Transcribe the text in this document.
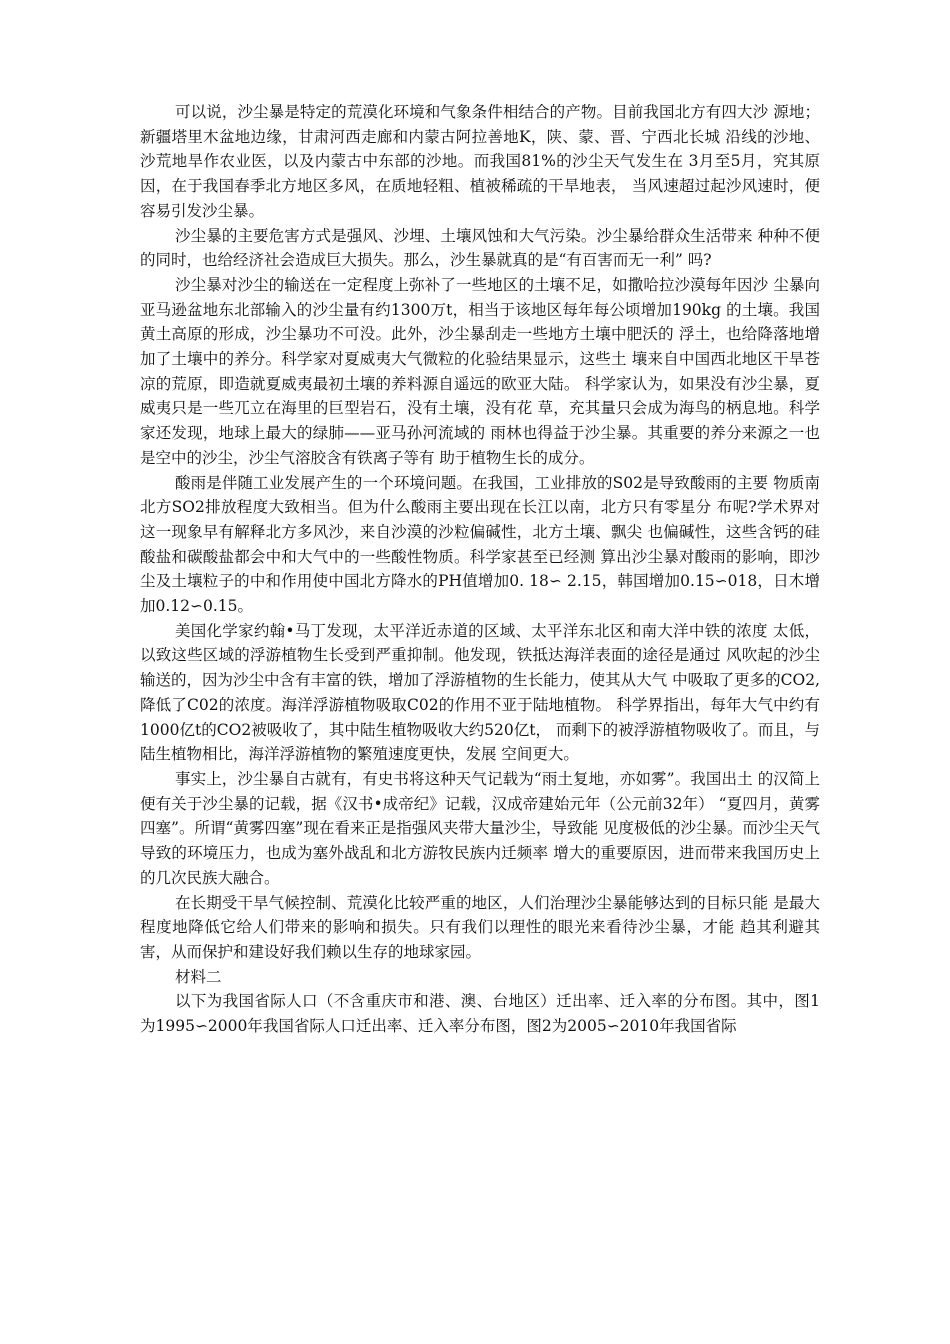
可以说，沙尘暴是特定的荒漠化环境和气象条件相结合的产物。目前我国北方有四大沙 源地；新疆塔里木盆地边缘，甘肃河西走廊和内蒙古阿拉善地K，陕、蒙、晋、宁西北长城 沿线的沙地、沙荒地旱作农业医，以及内蒙古中东部的沙地。而我国81%的沙尘天气发生在 3月至5月，究其原因，在于我国春季北方地区多风，在质地轻粗、植被稀疏的干旱地表， 当风速超过起沙风速时，便容易引发沙尘暴。

沙尘暴的主要危害方式是强风、沙埋、土壤风蚀和大气污染。沙尘暴给群众生活带来 种种不便的同时，也给经济社会造成巨大损失。那么，沙生暴就真的是“有百害而无一利” 吗?

沙尘暴对沙尘的输送在一定程度上弥补了一些地区的土壤不足，如撒哈拉沙漠每年因沙 尘暴向亚马逊盆地东北部输入的沙尘量有约1300万t，相当于该地区每年每公顷增加190kg 的土壤。我国黄土高原的形成，沙尘暴功不可没。此外，沙尘暴刮走一些地方土壤中肥沃的 浮土，也给降落地增加了土壤中的养分。科学家对夏威夷大气微粒的化验结果显示，这些土 壤来自中国西北地区干旱苍凉的荒原，即造就夏威夷最初土壤的养料源自遥远的欧亚大陆。 科学家认为，如果没有沙尘暴，夏威夷只是一些兀立在海里的巨型岩石，没有土壤，没有花 草，充其量只会成为海鸟的柄息地。科学家还发现，地球上最大的绿肺——亚马孙河流域的 雨林也得益于沙尘暴。其重要的养分来源之一也是空中的沙尘，沙尘气溶胶含有铁离子等有 助于植物生长的成分。

酸雨是伴随工业发展产生的一个环境问题。在我国，工业排放的S02是导致酸雨的主要 物质南北方SO2排放程度大致相当。但为什么酸雨主要出现在长江以南，北方只有零星分 布呢?学术界对这一现象早有解释北方多风沙，来自沙漠的沙粒偏碱性，北方土壤、飘尖 也偏碱性，这些含钙的硅酸盐和碳酸盐都会中和大气中的一些酸性物质。科学家甚至已经测 算出沙尘暴对酸雨的影响，即沙尘及土壤粒子的中和作用使中国北方降水的PH值增加0. 18∽ 2.15，韩国增加0.15∽018，日木增加0.12∽0.15。

美国化学家约翰•马丁发现，太平洋近赤道的区域、太平洋东北区和南大洋中铁的浓度 太低，以致这些区域的浮游植物生长受到严重抑制。他发现，铁抵达海洋表面的途径是通过 风吹起的沙尘输送的，因为沙尘中含有丰富的铁，增加了浮游植物的生长能力，使其从大气 中吸取了更多的CO2,降低了C02的浓度。海洋浮游植物吸取C02的作用不亚于陆地植物。 科学界指出，每年大气中约有1000亿t的CO2被吸收了，其中陆生植物吸收大约520亿t， 而剩下的被浮游植物吸收了。而且，与陆生植物相比，海洋浮游植物的繁殖速度更快，发展 空间更大。

事实上，沙尘暴自古就有，有史书将这种天气记载为“雨土复地，亦如雾”。我国出土 的汉简上便有关于沙尘暴的记载，据《汉书•成帝纪》记载，汉成帝建始元年（公元前32年） “夏四月，黄雾四塞”。所谓“黄雾四塞”现在看来正是指强风夹带大量沙尘，导致能 见度极低的沙尘暴。而沙尘天气导致的环境压力，也成为塞外战乱和北方游牧民族内迁频率 增大的重要原因，进而带来我国历史上的几次民族大融合。

在长期受干旱气候控制、荒漠化比较严重的地区，人们治理沙尘暴能够达到的目标只能 是最大程度地降低它给人们带来的影响和损失。只有我们以理性的眼光来看待沙尘暴，才能 趋其利避其害，从而保护和建设好我们赖以生存的地球家园。

材料二

以下为我国省际人口（不含重庆市和港、澳、台地区）迁出率、迁入率的分布图。其中，图1为1995∽2000年我国省际人口迁出率、迁入率分布图，图2为2005∽2010年我国省际
